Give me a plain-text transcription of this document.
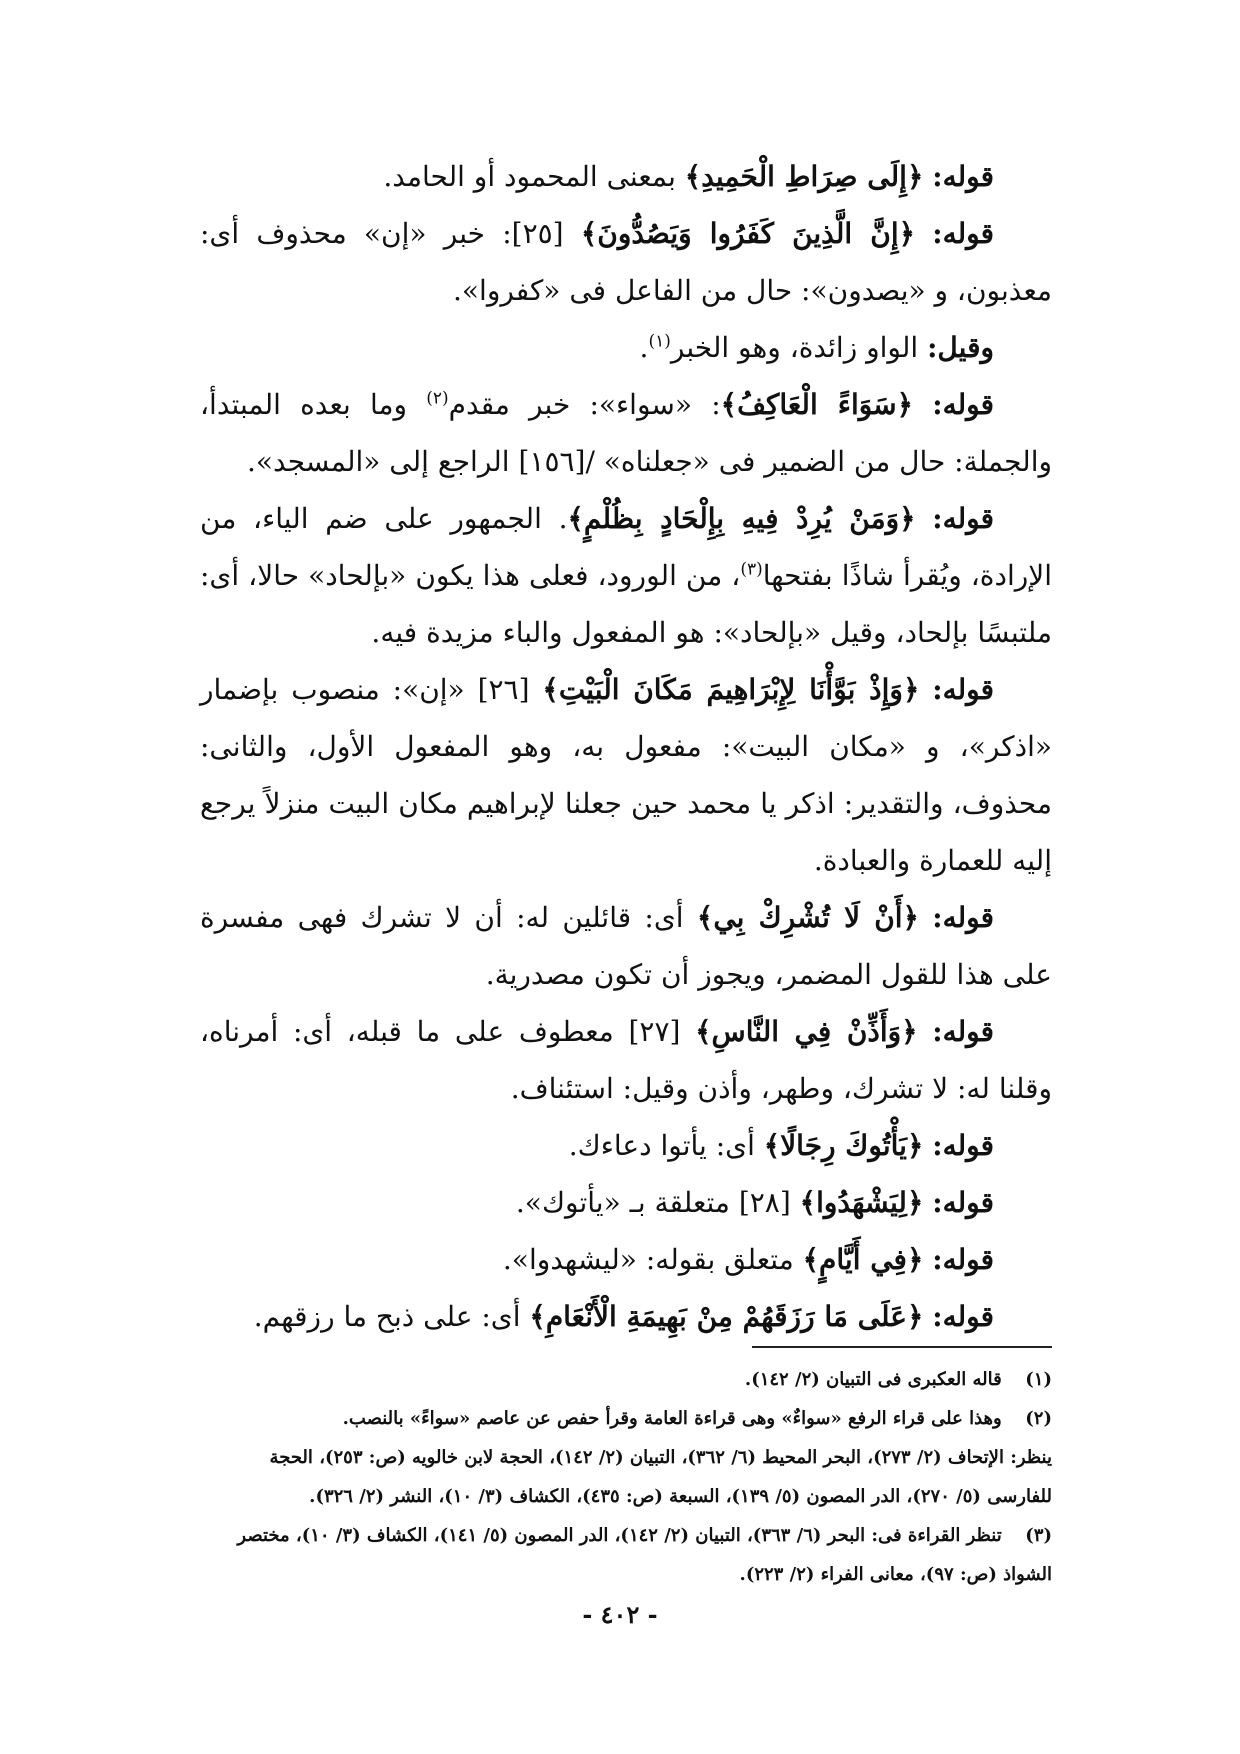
قوله: ﴿إِلَى صِرَاطِ الْحَمِيدِ﴾ بمعنى المحمود أو الحامد.

قوله: ﴿إِنَّ الَّذِينَ كَفَرُوا وَيَصُدُّونَ﴾ [٢٥]: خبر «إن» محذوف أى: معذبون، و «يصدون»: حال من الفاعل فى «كفروا».

وقيل: الواو زائدة، وهو الخبر$^{(١)}$.

قوله: ﴿سَوَاءً الْعَاكِفُ﴾: «سواء»: خبر مقدم$^{(٢)}$ وما بعده المبتدأ، والجملة: حال من الضمير فى «جعلناه» /[١٥٦] الراجع إلى «المسجد».

قوله: ﴿وَمَنْ يُرِدْ فِيهِ بِإِلْحَادٍ بِظُلْمٍ﴾. الجمهور على ضم الياء، من الإرادة، ويُقرأ شاذًا بفتحها$^{(٣)}$، من الورود، فعلى هذا يكون «بإلحاد» حالا، أى: ملتبسًا بإلحاد، وقيل «بإلحاد»: هو المفعول والباء مزيدة فيه.

قوله: ﴿وَإِذْ بَوَّأْنَا لِإِبْرَاهِيمَ مَكَانَ الْبَيْتِ﴾ [٢٦] «إن»: منصوب بإضمار «اذكر»، و «مكان البيت»: مفعول به، وهو المفعول الأول، والثانى: محذوف، والتقدير: اذكر يا محمد حين جعلنا لإبراهيم مكان البيت منزلاً يرجع إليه للعمارة والعبادة.

قوله: ﴿أَنْ لَا تُشْرِكْ بِي﴾ أى: قائلين له: أن لا تشرك فهى مفسرة على هذا للقول المضمر، ويجوز أن تكون مصدرية.

قوله: ﴿وَأَذِّنْ فِي النَّاسِ﴾ [٢٧] معطوف على ما قبله، أى: أمرناه، وقلنا له: لا تشرك، وطهر، وأذن وقيل: استئناف.

قوله: ﴿يَأْتُوكَ رِجَالًا﴾ أى: يأتوا دعاءك.

قوله: ﴿لِيَشْهَدُوا﴾ [٢٨] متعلقة بـ «يأتوك».

قوله: ﴿فِي أَيَّامٍ﴾ متعلق بقوله: «ليشهدوا».

قوله: ﴿عَلَى مَا رَزَقَهُمْ مِنْ بَهِيمَةِ الْأَنْعَامِ﴾ أى: على ذبح ما رزقهم.

(١) قاله العكبرى فى التبيان (٢/ ١٤٢).

(٢) وهذا على قراء الرفع «سواءٌ» وهى قراءة العامة وقرأ حفص عن عاصم «سواءً» بالنصب.

ينظر: الإتحاف (٢/ ٢٧٣)، البحر المحيط (٦/ ٣٦٢)، التبيان (٢/ ١٤٢)، الحجة لابن خالويه (ص: ٢٥٣)، الحجة للفارسى (٥/ ٢٧٠)، الدر المصون (٥/ ١٣٩)، السبعة (ص: ٤٣٥)، الكشاف (٣/ ١٠)، النشر (٢/ ٣٢٦).

(٣) تنظر القراءة فى: البحر (٦/ ٣٦٣)، التبيان (٢/ ١٤٢)، الدر المصون (٥/ ١٤١)، الكشاف (٣/ ١٠)، مختصر الشواذ (ص: ٩٧)، معانى الفراء (٢/ ٢٢٣).

- ٤٠٢ -
